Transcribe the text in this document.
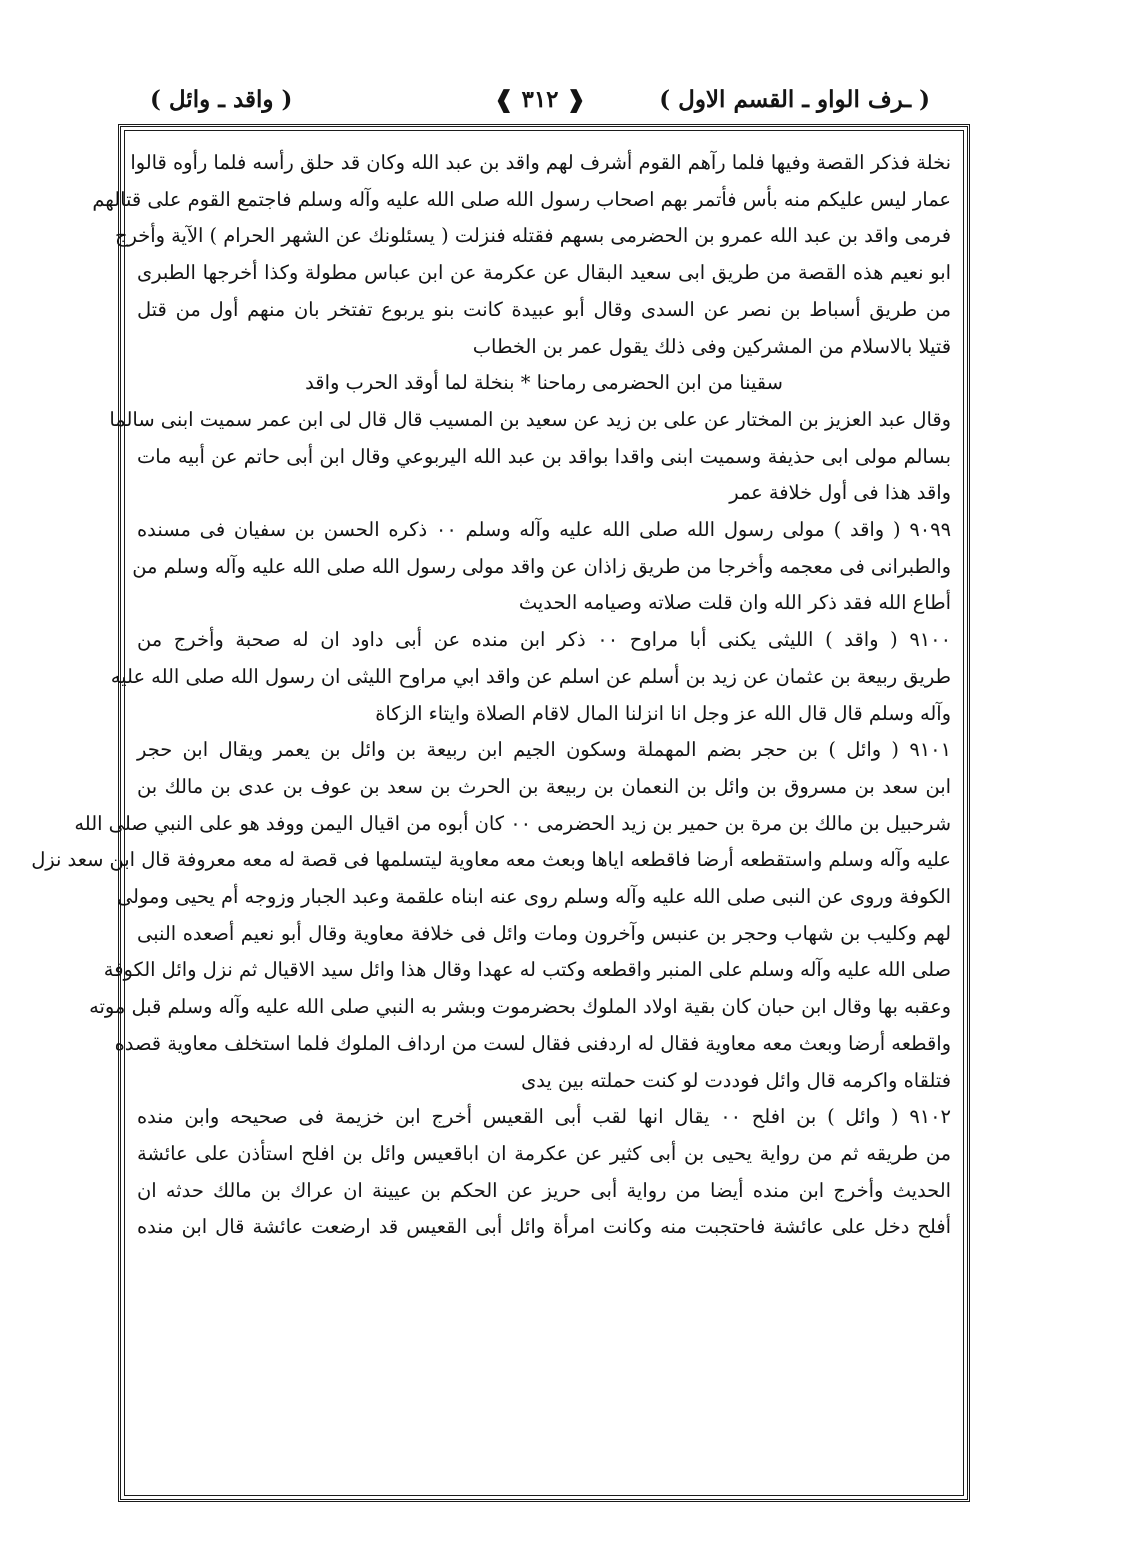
( ـرف الواو ـ القسم الاول )
❰ ٣١٢ ❱
( واقد ـ وائل )
نخلة فذكر القصة وفيها فلما رآهم القوم أشرف لهم واقد بن عبد الله وكان قد حلق رأسه فلما رأوه قالوا
عمار ليس عليكم منه بأس فأتمر بهم اصحاب رسول الله صلى الله عليه وآله وسلم فاجتمع القوم على قتالهم
فرمى واقد بن عبد الله عمرو بن الحضرمى بسهم فقتله فنزلت ( يسئلونك عن الشهر الحرام ) الآية وأخرج
ابو نعيم هذه القصة من طريق ابى سعيد البقال عن عكرمة عن ابن عباس مطولة وكذا أخرجها الطبرى
من طريق أسباط بن نصر عن السدى وقال أبو عبيدة كانت بنو يربوع تفتخر بان منهم أول من قتل
قتيلا بالاسلام من المشركين وفى ذلك يقول عمر بن الخطاب
سقينا من ابن الحضرمى رماحنا * بنخلة لما أوقد الحرب واقد
وقال عبد العزيز بن المختار عن على بن زيد عن سعيد بن المسيب قال قال لى ابن عمر سميت ابنى سالما
بسالم مولى ابى حذيفة وسميت ابنى واقدا بواقد بن عبد الله اليربوعي وقال ابن أبى حاتم عن أبيه مات
واقد هذا فى أول خلافة عمر
٩٠٩٩ ( واقد ) مولى رسول الله صلى الله عليه وآله وسلم ٠٠ ذكره الحسن بن سفيان فى مسنده
والطبرانى فى معجمه وأخرجا من طريق زاذان عن واقد مولى رسول الله صلى الله عليه وآله وسلم من
أطاع الله فقد ذكر الله وان قلت صلاته وصيامه الحديث
٩١٠٠ ( واقد ) الليثى يكنى أبا مراوح ٠٠ ذكر ابن منده عن أبى داود ان له صحبة وأخرج من
طريق ربيعة بن عثمان عن زيد بن أسلم عن اسلم عن واقد ابي مراوح الليثى ان رسول الله صلى الله عليه
وآله وسلم قال قال الله عز وجل انا انزلنا المال لاقام الصلاة وايتاء الزكاة
٩١٠١ ( وائل ) بن حجر بضم المهملة وسكون الجيم ابن ربيعة بن وائل بن يعمر ويقال ابن حجر
ابن سعد بن مسروق بن وائل بن النعمان بن ربيعة بن الحرث بن سعد بن عوف بن عدى بن مالك بن
شرحبيل بن مالك بن مرة بن حمير بن زيد الحضرمى ٠٠ كان أبوه من اقيال اليمن ووفد هو على النبي صلى الله
عليه وآله وسلم واستقطعه أرضا فاقطعه اياها وبعث معه معاوية ليتسلمها فى قصة له معه معروفة قال ابن سعد نزل
الكوفة وروى عن النبى صلى الله عليه وآله وسلم روى عنه ابناه علقمة وعبد الجبار وزوجه أم يحيى ومولى
لهم وكليب بن شهاب وحجر بن عنبس وآخرون ومات وائل فى خلافة معاوية وقال أبو نعيم أصعده النبى
صلى الله عليه وآله وسلم على المنبر واقطعه وكتب له عهدا وقال هذا وائل سيد الاقيال ثم نزل وائل الكوفة
وعقبه بها وقال ابن حبان كان بقية اولاد الملوك بحضرموت وبشر به النبي صلى الله عليه وآله وسلم قبل موته
واقطعه أرضا وبعث معه معاوية فقال له اردفنى فقال لست من ارداف الملوك فلما استخلف معاوية قصده
فتلقاه واكرمه قال وائل فوددت لو كنت حملته بين يدى
٩١٠٢ ( وائل ) بن افلح ٠٠ يقال انها لقب أبى القعيس أخرج ابن خزيمة فى صحيحه وابن منده
من طريقه ثم من رواية يحيى بن أبى كثير عن عكرمة ان اباقعيس وائل بن افلح استأذن على عائشة
الحديث وأخرج ابن منده أيضا من رواية أبى حريز عن الحكم بن عيينة ان عراك بن مالك حدثه ان
أفلح دخل على عائشة فاحتجبت منه وكانت امرأة وائل أبى القعيس قد ارضعت عائشة قال ابن منده
